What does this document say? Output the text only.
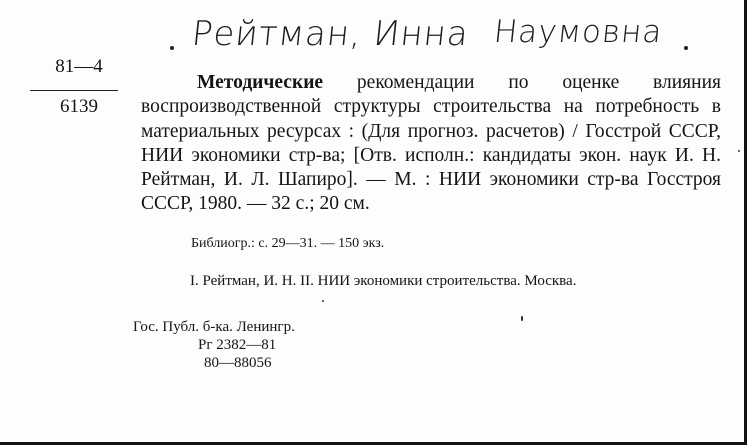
Рейтман, Инна Наумовна
81—4
6139

Методические рекомендации по оценке влияния воспроизводственной структуры строительства на потребность в материальных ресурсах : (Для прогноз. расчетов) / Госстрой СССР, НИИ экономики стр-ва; [Отв. исполн.: кандидаты экон. наук И. Н. Рейтман, И. Л. Шапиро]. — М. : НИИ экономики стр-ва Госстроя СССР, 1980. — 32 с.; 20 см.

Библиогр.: с. 29—31. — 150 экз.
I. Рейтман, И. Н. II. НИИ экономики строительства. Москва.
Гос. Публ. б-ка. Ленингр.
Рг 2382—81
80—88056
